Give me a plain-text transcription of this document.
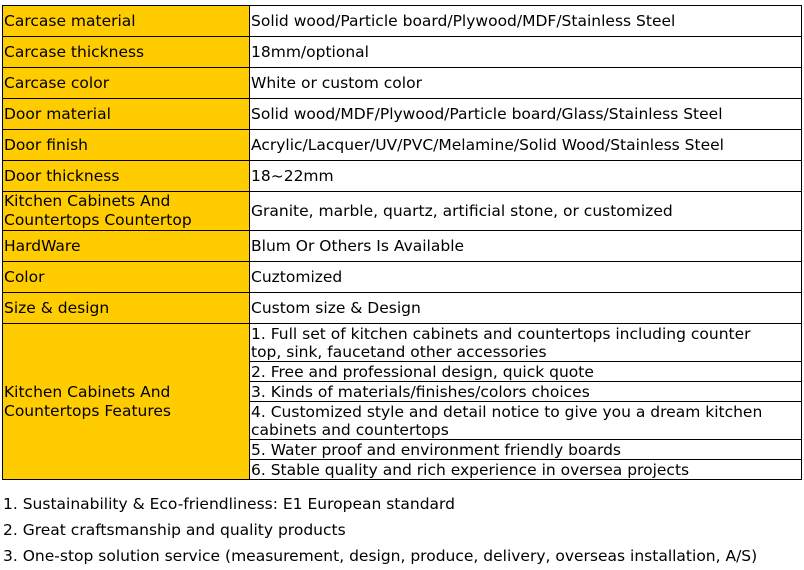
Carcase material	Solid wood/Particle board/Plywood/MDF/Stainless Steel
Carcase thickness	18mm/optional
Carcase color	White or custom color
Door material	Solid wood/MDF/Plywood/Particle board/Glass/Stainless Steel
Door finish	Acrylic/Lacquer/UV/PVC/Melamine/Solid Wood/Stainless Steel
Door thickness	18~22mm
Kitchen Cabinets And
Countertops Countertop	Granite, marble, quartz, artificial stone, or customized
HardWare	Blum Or Others Is Available
Color	Cuztomized
Size & design	Custom size & Design
Kitchen Cabinets And
Countertops Features	1. Full set of kitchen cabinets and countertops including counter
top, sink, faucetand other accessories
	2. Free and professional design, quick quote
	3. Kinds of materials/finishes/colors choices
	4. Customized style and detail notice to give you a dream kitchen
cabinets and countertops
	5. Water proof and environment friendly boards
	6. Stable quality and rich experience in oversea projects
1. Sustainability & Eco-friendliness: E1 European standard
2. Great craftsmanship and quality products
3. One-stop solution service (measurement, design, produce, delivery, overseas installation, A/S)
